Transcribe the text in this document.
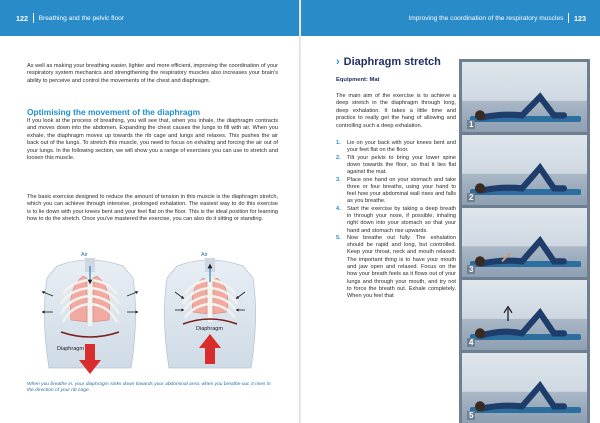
122 Breathing and the pelvic floor

As well as making your breathing easier, lighter and more efficient, improving the coordination of your respiratory system mechanics and strengthening the respiratory muscles also increases your brain's ability to perceive and control the movements of the chest and diaphragm.

Optimising the movement of the diaphragm

If you look at the process of breathing, you will see that, when you inhale, the diaphragm contracts and moves down into the abdomen. Expanding the chest causes the lungs to fill with air. When you exhale, the diaphragm moves up towards the rib cage and lungs and relaxes. This pushes the air back out of the lungs. To stretch this muscle, you need to focus on exhaling and forcing the air out of your lungs. In the following section, we will show you a range of exercises you can use to stretch and loosen this muscle.

The basic exercise designed to reduce the amount of tension in this muscle is the diaphragm stretch, which you can achieve through intensive, prolonged exhalation. The easiest way to do this exercise is to lie down with your knees bent and your feet flat on the floor. This is the ideal position for learning how to do the stretch. Once you've mastered the exercise, you can also do it sitting or standing.

Air
Diaphragm
Air
Diaphragm

When you breathe in, your diaphragm sinks down towards your abdominal area; when you breathe out, it rises in the direction of your rib cage.

Improving the coordination of the respiratory muscles 123
› Diaphragm stretch
Equipment: Mat

The main aim of the exercise is to achieve a deep stretch in the diaphragm through long, deep exhalation. It takes a little time and practice to really get the hang of allowing and controlling such a deep exhalation.

1.	Lie on your back with your knees bent and your feet flat on the floor.
2.	Tilt your pelvis to bring your lower spine down towards the floor, so that it lies flat against the mat.
3.	Place one hand on your stomach and take three or four breaths, using your hand to feel how your abdominal wall rises and falls as you breathe.
4.	Start the exercise by taking a deep breath in through your nose, if possible, inhaling right down into your stomach so that your hand and stomach rise upwards.
5.	Now breathe out fully. The exhalation should be rapid and long, but controlled. Keep your throat, neck and mouth relaxed. The important thing is to have your mouth and jaw open and relaxed. Focus on the how your breath feels as it flows out of your lungs and through your mouth, and try not to force the breath out. Exhale completely. When you feel that
1
2
3
4
5
